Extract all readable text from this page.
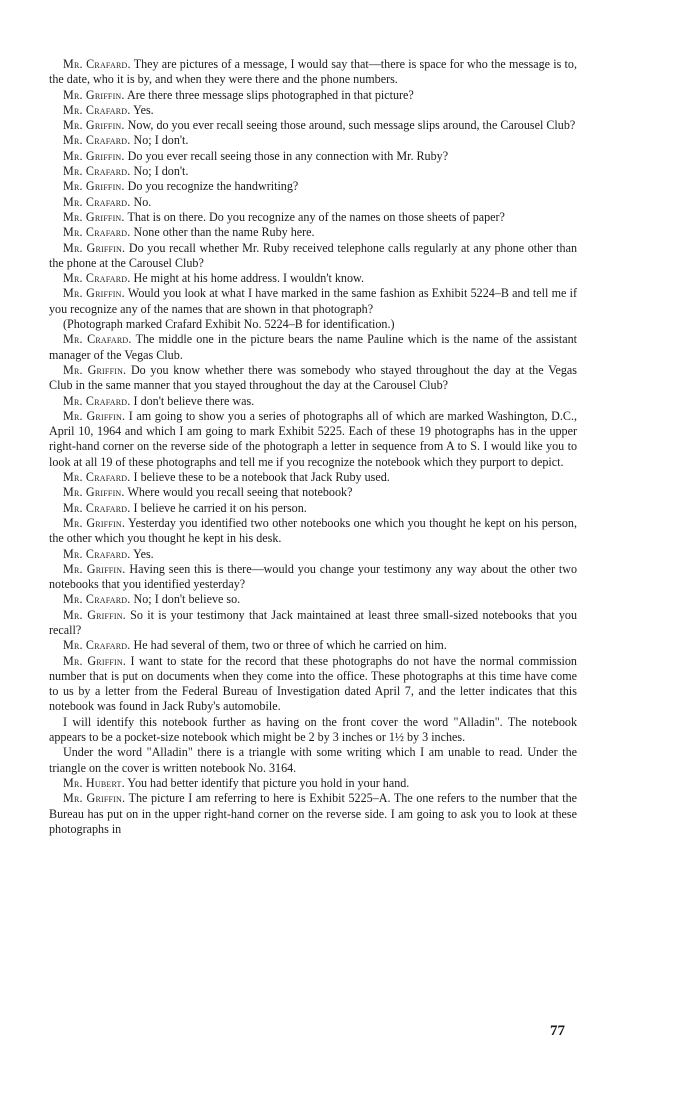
Mr. Crafard. They are pictures of a message, I would say that—there is space for who the message is to, the date, who it is by, and when they were there and the phone numbers.

Mr. Griffin. Are there three message slips photographed in that picture?

Mr. Crafard. Yes.

Mr. Griffin. Now, do you ever recall seeing those around, such message slips around, the Carousel Club?

Mr. Crafard. No; I don't.

Mr. Griffin. Do you ever recall seeing those in any connection with Mr. Ruby?

Mr. Crafard. No; I don't.

Mr. Griffin. Do you recognize the handwriting?

Mr. Crafard. No.

Mr. Griffin. That is on there. Do you recognize any of the names on those sheets of paper?

Mr. Crafard. None other than the name Ruby here.

Mr. Griffin. Do you recall whether Mr. Ruby received telephone calls regularly at any phone other than the phone at the Carousel Club?

Mr. Crafard. He might at his home address. I wouldn't know.

Mr. Griffin. Would you look at what I have marked in the same fashion as Exhibit 5224–B and tell me if you recognize any of the names that are shown in that photograph?

(Photograph marked Crafard Exhibit No. 5224–B for identification.)

Mr. Crafard. The middle one in the picture bears the name Pauline which is the name of the assistant manager of the Vegas Club.

Mr. Griffin. Do you know whether there was somebody who stayed throughout the day at the Vegas Club in the same manner that you stayed throughout the day at the Carousel Club?

Mr. Crafard. I don't believe there was.

Mr. Griffin. I am going to show you a series of photographs all of which are marked Washington, D.C., April 10, 1964 and which I am going to mark Exhibit 5225. Each of these 19 photographs has in the upper right-hand corner on the reverse side of the photograph a letter in sequence from A to S. I would like you to look at all 19 of these photographs and tell me if you recognize the notebook which they purport to depict.

Mr. Crafard. I believe these to be a notebook that Jack Ruby used.

Mr. Griffin. Where would you recall seeing that notebook?

Mr. Crafard. I believe he carried it on his person.

Mr. Griffin. Yesterday you identified two other notebooks one which you thought he kept on his person, the other which you thought he kept in his desk.

Mr. Crafard. Yes.

Mr. Griffin. Having seen this is there—would you change your testimony any way about the other two notebooks that you identified yesterday?

Mr. Crafard. No; I don't believe so.

Mr. Griffin. So it is your testimony that Jack maintained at least three small-sized notebooks that you recall?

Mr. Crafard. He had several of them, two or three of which he carried on him.

Mr. Griffin. I want to state for the record that these photographs do not have the normal commission number that is put on documents when they come into the office. These photographs at this time have come to us by a letter from the Federal Bureau of Investigation dated April 7, and the letter indicates that this notebook was found in Jack Ruby's automobile.

I will identify this notebook further as having on the front cover the word "Alladin". The notebook appears to be a pocket-size notebook which might be 2 by 3 inches or 1½ by 3 inches.

Under the word "Alladin" there is a triangle with some writing which I am unable to read. Under the triangle on the cover is written notebook No. 3164.

Mr. Hubert. You had better identify that picture you hold in your hand.

Mr. Griffin. The picture I am referring to here is Exhibit 5225–A. The one refers to the number that the Bureau has put on in the upper right-hand corner on the reverse side. I am going to ask you to look at these photographs in

77
